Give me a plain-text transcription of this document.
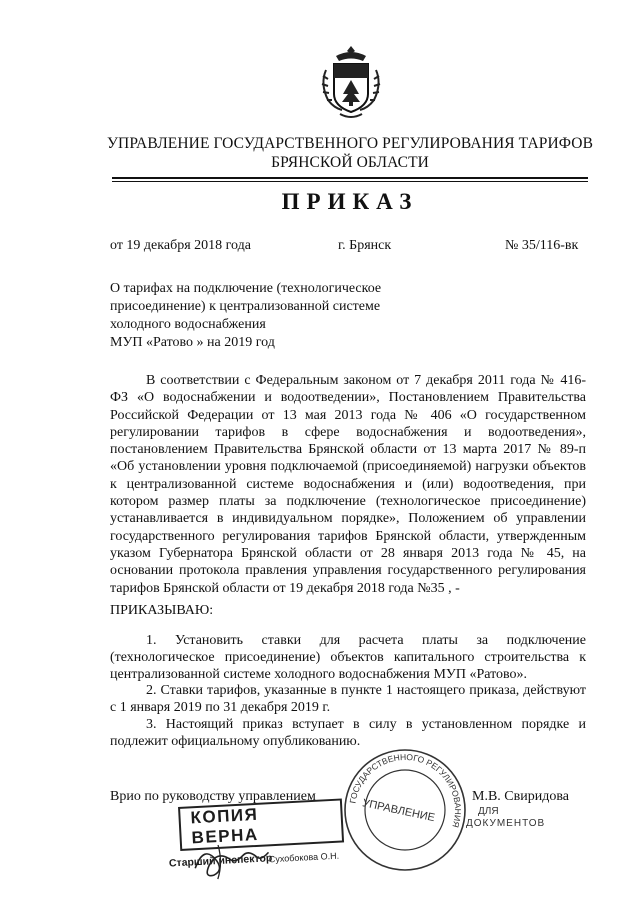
УПРАВЛЕНИЕ ГОСУДАРСТВЕННОГО РЕГУЛИРОВАНИЯ ТАРИФОВ
БРЯНСКОЙ ОБЛАСТИ
ПРИКАЗ
от 19 декабря 2018 года	г. Брянск	№ 35/116-вк
О тарифах на подключение (технологическое
присоединение) к централизованной системе
холодного водоснабжения
МУП «Ратово » на 2019 год

В соответствии с Федеральным законом от 7 декабря 2011 года № 416-ФЗ «О водоснабжении и водоотведении», Постановлением Правительства Российской Федерации от 13 мая 2013 года № 406 «О государственном регулировании тарифов в сфере водоснабжения и водоотведения», постановлением Правительства Брянской области от 13 марта 2017 № 89-п «Об установлении уровня подключаемой (присоединяемой) нагрузки объектов к централизованной системе водоснабжения и (или) водоотведения, при котором размер платы за подключение (технологическое присоединение) устанавливается в индивидуальном порядке», Положением об управлении государственного регулирования тарифов Брянской области, утвержденным указом Губернатора Брянской области от 28 января 2013 года № 45, на основании протокола правления управления государственного регулирования тарифов Брянской области от 19 декабря 2018 года №35 , -

ПРИКАЗЫВАЮ:

1. Установить ставки для расчета платы за подключение (технологическое присоединение) объектов капитального строительства к централизованной системе холодного водоснабжения МУП «Ратово».

2. Ставки тарифов, указанные в пункте 1 настоящего приказа, действуют с 1 января 2019 по 31 декабря 2019 г.

3. Настоящий приказ вступает в силу в установленном порядке и подлежит официальному опубликованию.

Врио по руководству управлением	М.В. Свиридова
ГОСУДАРСТВЕННОГО РЕГУЛИРОВАНИЯ
УПРАВЛЕНИЕ	ДЛЯ
ДОКУМЕНТОВ
КОПИЯ ВЕРНА
Старший инспектор
Сухобокова О.Н.
